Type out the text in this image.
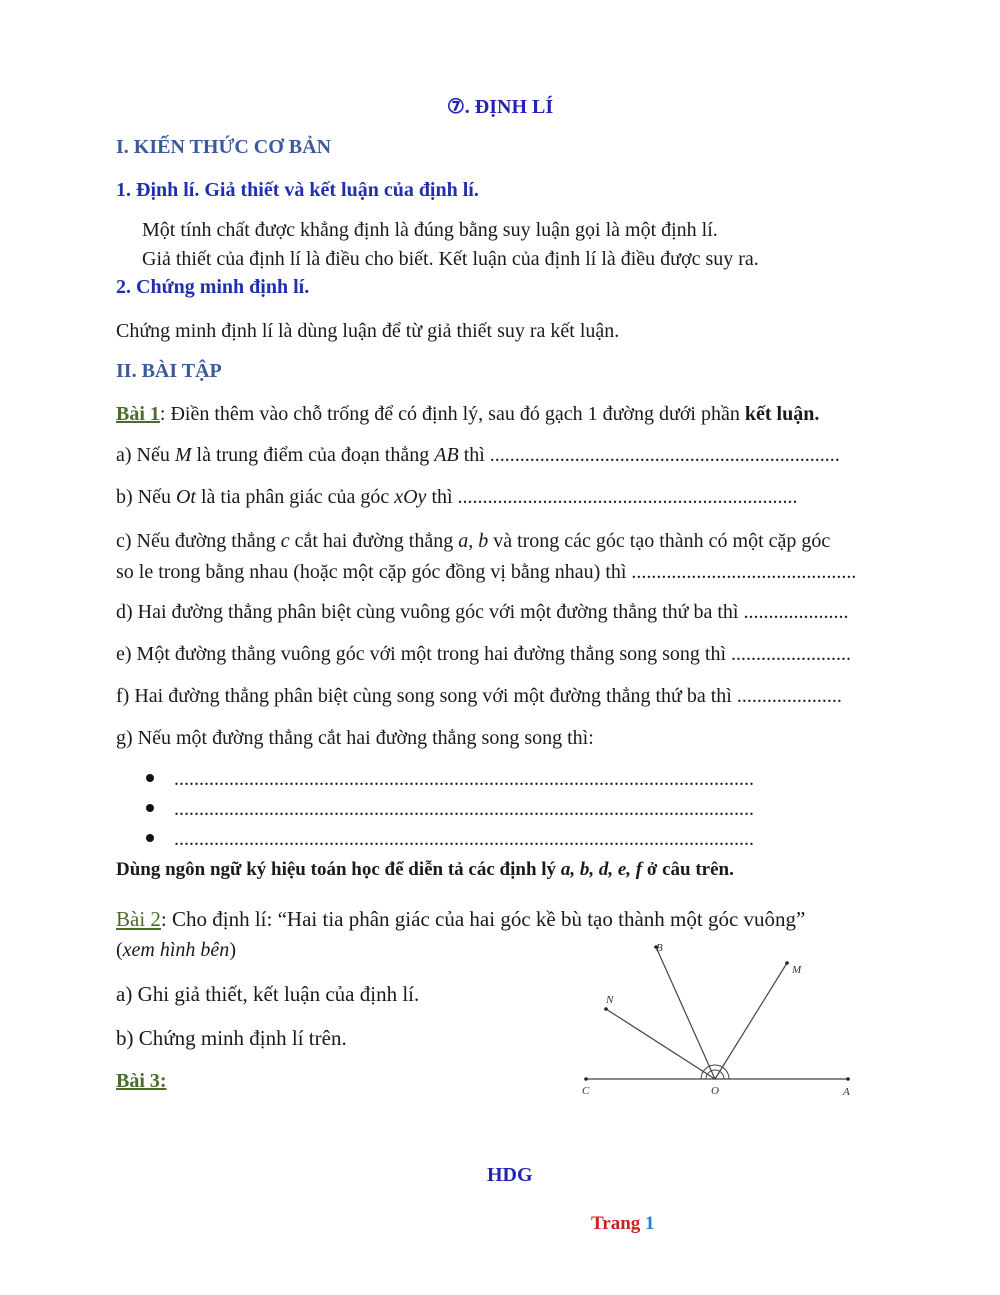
⑦. ĐỊNH LÍ
I. KIẾN THỨC CƠ BẢN
1. Định lí. Giả thiết và kết luận của định lí.
Một tính chất được khẳng định là đúng bằng suy luận gọi là một định lí.
Giả thiết của định lí là điều cho biết. Kết luận của định lí là điều được suy ra.
2. Chứng minh định lí.
Chứng minh định lí là dùng luận để từ giả thiết suy ra kết luận.
II. BÀI TẬP
Bài 1: Điền thêm vào chỗ trống để có định lý, sau đó gạch 1 đường dưới phần kết luận.
a) Nếu M là trung điểm của đoạn thẳng AB thì ......................................................................
b) Nếu Ot là tia phân giác của góc xOy thì ....................................................................
c) Nếu đường thẳng c cắt hai đường thẳng a, b và trong các góc tạo thành có một cặp góc
so le trong bằng nhau (hoặc một cặp góc đồng vị bằng nhau) thì .............................................
d) Hai đường thẳng phân biệt cùng vuông góc với một đường thẳng thứ ba thì .....................
e) Một đường thẳng vuông góc với một trong hai đường thẳng song song thì ........................
f) Hai đường thẳng phân biệt cùng song song với một đường thẳng thứ ba thì .....................
g) Nếu một đường thẳng cắt hai đường thẳng song song thì:
....................................................................................................................
....................................................................................................................
....................................................................................................................
Dùng ngôn ngữ ký hiệu toán học để diễn tả các định lý a, b, d, e, f ở câu trên.
Bài 2: Cho định lí: “Hai tia phân giác của hai góc kề bù tạo thành một góc vuông”
(xem hình bên)
a) Ghi giả thiết, kết luận của định lí.
b) Chứng minh định lí trên.
Bài 3:
B
M
N
C	O	A
HDG
Trang 1
